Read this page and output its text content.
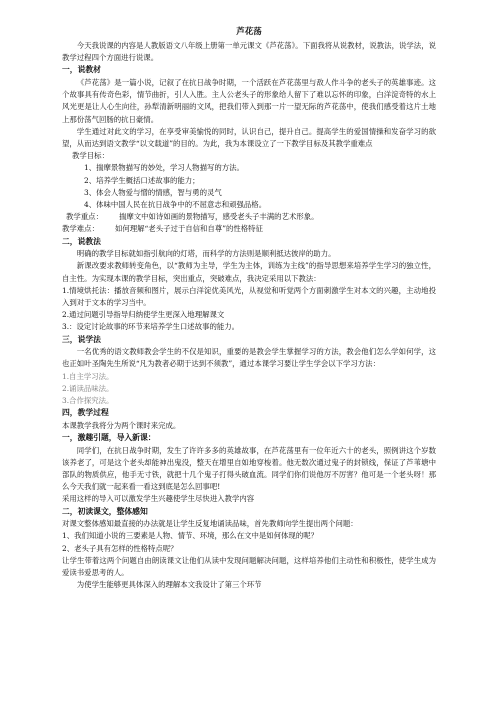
芦花荡

今天我说课的内容是人教版语文八年级上册第一单元课文《芦花荡》。下面我将从说教材，说教法，说学法，说教学过程四个方面进行说课。

一，说教材

《芦花荡》是一篇小说，记叙了在抗日战争时期，一个活跃在芦花荡里与敌人作斗争的老头子的英雄事迹。这个故事具有传奇色彩，情节曲折，引人入胜。主人公老头子的形象给人留下了难以忘怀的印象，白洋淀奇特的水上风光更是让人心生向往，孙犁清新明丽的文风，把我们带入到那一片一望无际的芦花荡中，使我们感受着这片土地上那份荡气回肠的抗日豪情。

学生通过对此文的学习，在享受审美愉悦的同时，认识自己，提升自己。提高学生的爱国情操和发奋学习的欲望，从而达到语文教学“以文载道”的目的。为此，我为本课设立了一下教学目标及其教学重难点

教学目标：

1、揣摩景物描写的妙处，学习人物描写的方法。

2、培养学生概括口述故事的能力；

3、体会人物爱与憎的情感，智与勇的灵气

4、体味中国人民在抗日战争中的不屈意志和顽强品格。

教学重点： 揣摩文中如诗如画的景物描写，感受老头子丰满的艺术形象。

教学难点： 如何理解“老头子过于自信和自尊”的性格特征

二，说教法

明确的教学目标就如指引航向的灯塔，而科学的方法则是顺利抵达彼岸的助力。

新课改要求教师转变角色，以“教师为主导，学生为主体，训练为主线”的指导思想来培养学生学习的独立性，自主性。为实现本课的教学目标，突出重点，突破难点，我决定采用以下教法：

1.情境烘托法：播放音频和图片，展示白洋淀优美风光，从视觉和听觉两个方面刺激学生对本文的兴趣，主动地投入到对于文本的学习当中。

2.通过问题引导指导归纳使学生更深入地理解课文

3.：设定讨论故事的环节来培养学生口述故事的能力。

三，说学法

一名优秀的语文教师教会学生的不仅是知识，重要的是教会学生掌握学习的方法，教会他们怎么学如何学，这也正如叶圣陶先生所说“凡为教者必期于达到不须教”，通过本课学习要让学生学会以下学习方法：

1.自主学习法。

2.诵读品味法。

3.合作探究法。

四，教学过程

本课教学我将分为两个课时来完成。

一，激趣引题，导入新课：

同学们，在抗日战争时期，发生了许许多多的英雄故事，在芦花荡里有一位年近六十的老头，照例讲这个岁数该养老了，可是这个老头却能神出鬼没，整天在增里自如地穿梭着。他无数次通过鬼子的封锁线，保证了芦苇塘中部队的物质供应，他手无寸铁，就把十几个鬼子打得头破血流。同学们你们说他厉不厉害？他可是一个老头呀！那么今天我们就一起来看一看这到底是怎么回事吧!

采用这样的导入可以激发学生兴趣使学生尽快进入教学内容

二，初读课文，整体感知

对课文整体感知最直接的办法就是让学生反复地诵读品味，首先教师向学生提出两个问题：

1、我们知道小说的三要素是人物、情节、环境，那么在文中是如何体现的呢？

2、老头子具有怎样的性格特点呢？

让学生带着这两个问题自由朗读课文让他们从读中发现问题解决问题，这样培养他们主动性和积极性，使学生成为爱读书爱思考的人。

为使学生能够更具体深入的理解本文我设计了第三个环节
